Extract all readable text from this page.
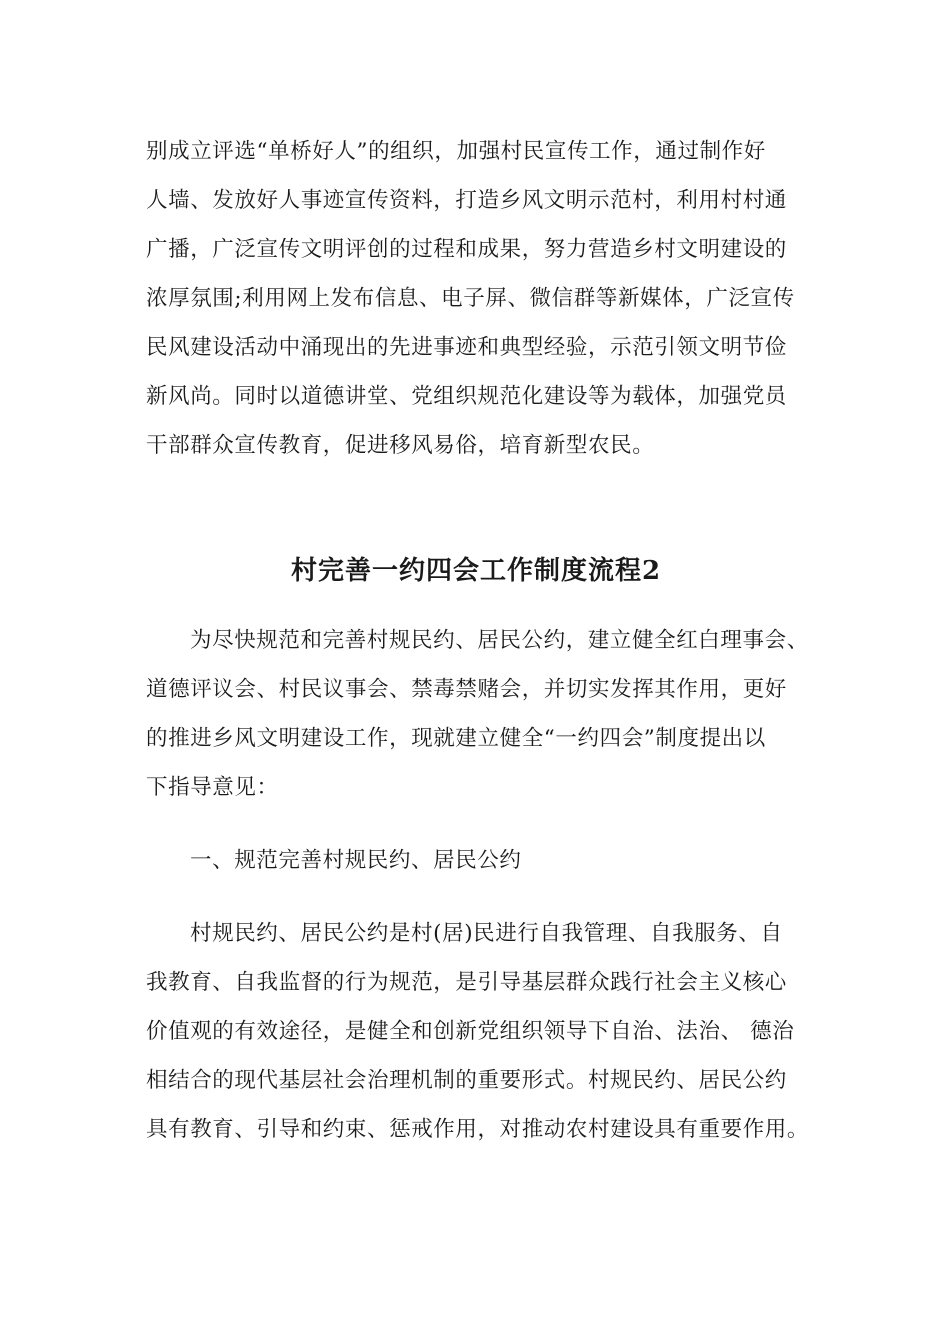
别成立评选“单桥好人”的组织，加强村民宣传工作，通过制作好
人墙、发放好人事迹宣传资料，打造乡风文明示范村，利用村村通
广播，广泛宣传文明评创的过程和成果，努力营造乡村文明建设的
浓厚氛围;利用网上发布信息、电子屏、微信群等新媒体，广泛宣传
民风建设活动中涌现出的先进事迹和典型经验，示范引领文明节俭
新风尚。同时以道德讲堂、党组织规范化建设等为载体，加强党员
干部群众宣传教育，促进移风易俗，培育新型农民。
村完善一约四会工作制度流程2
为尽快规范和完善村规民约、居民公约，建立健全红白理事会、
道德评议会、村民议事会、禁毒禁赌会，并切实发挥其作用，更好
的推进乡风文明建设工作，现就建立健全“一约四会”制度提出以
下指导意见：
一、规范完善村规民约、居民公约
村规民约、居民公约是村(居)民进行自我管理、自我服务、自
我教育、自我监督的行为规范，是引导基层群众践行社会主义核心
价值观的有效途径，是健全和创新党组织领导下自治、法治、 德治
相结合的现代基层社会治理机制的重要形式。村规民约、居民公约
具有教育、引导和约束、惩戒作用，对推动农村建设具有重要作用。
